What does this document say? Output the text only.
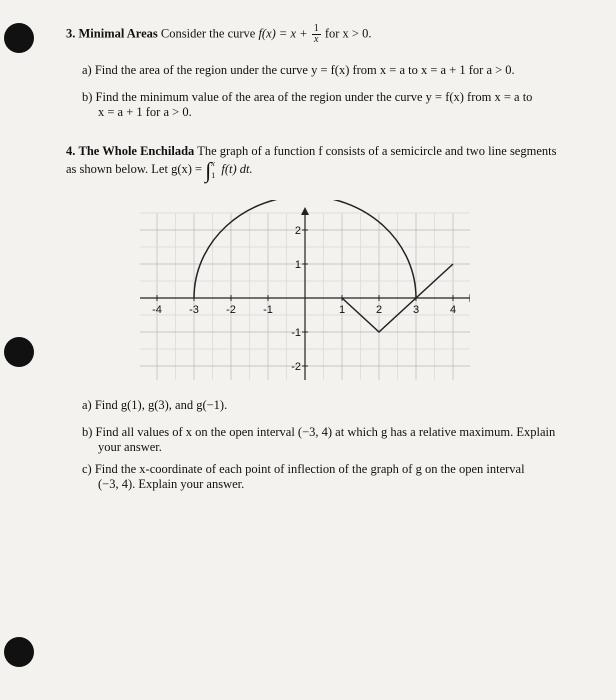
3. Minimal Areas Consider the curve $f(x) = x + \frac{1}{x}$ for x > 0.
a) Find the area of the region under the curve y = f(x) from x = a to x = a + 1 for a > 0.
b) Find the minimum value of the area of the region under the curve y = f(x) from x = a to
x = a + 1 for a > 0.
4. The Whole Enchilada The graph of a function f consists of a semicircle and two line segments
as shown below. Let g(x) = ∫ x
1 f(t) dt.
-4 -3 -2 -1	1	2	3	4
2
1
-1
-2
a) Find g(1), g(3), and g(−1).
b) Find all values of x on the open interval (−3, 4) at which g has a relative maximum. Explain
your answer.
c) Find the x-coordinate of each point of inflection of the graph of g on the open interval
(−3, 4). Explain your answer.
